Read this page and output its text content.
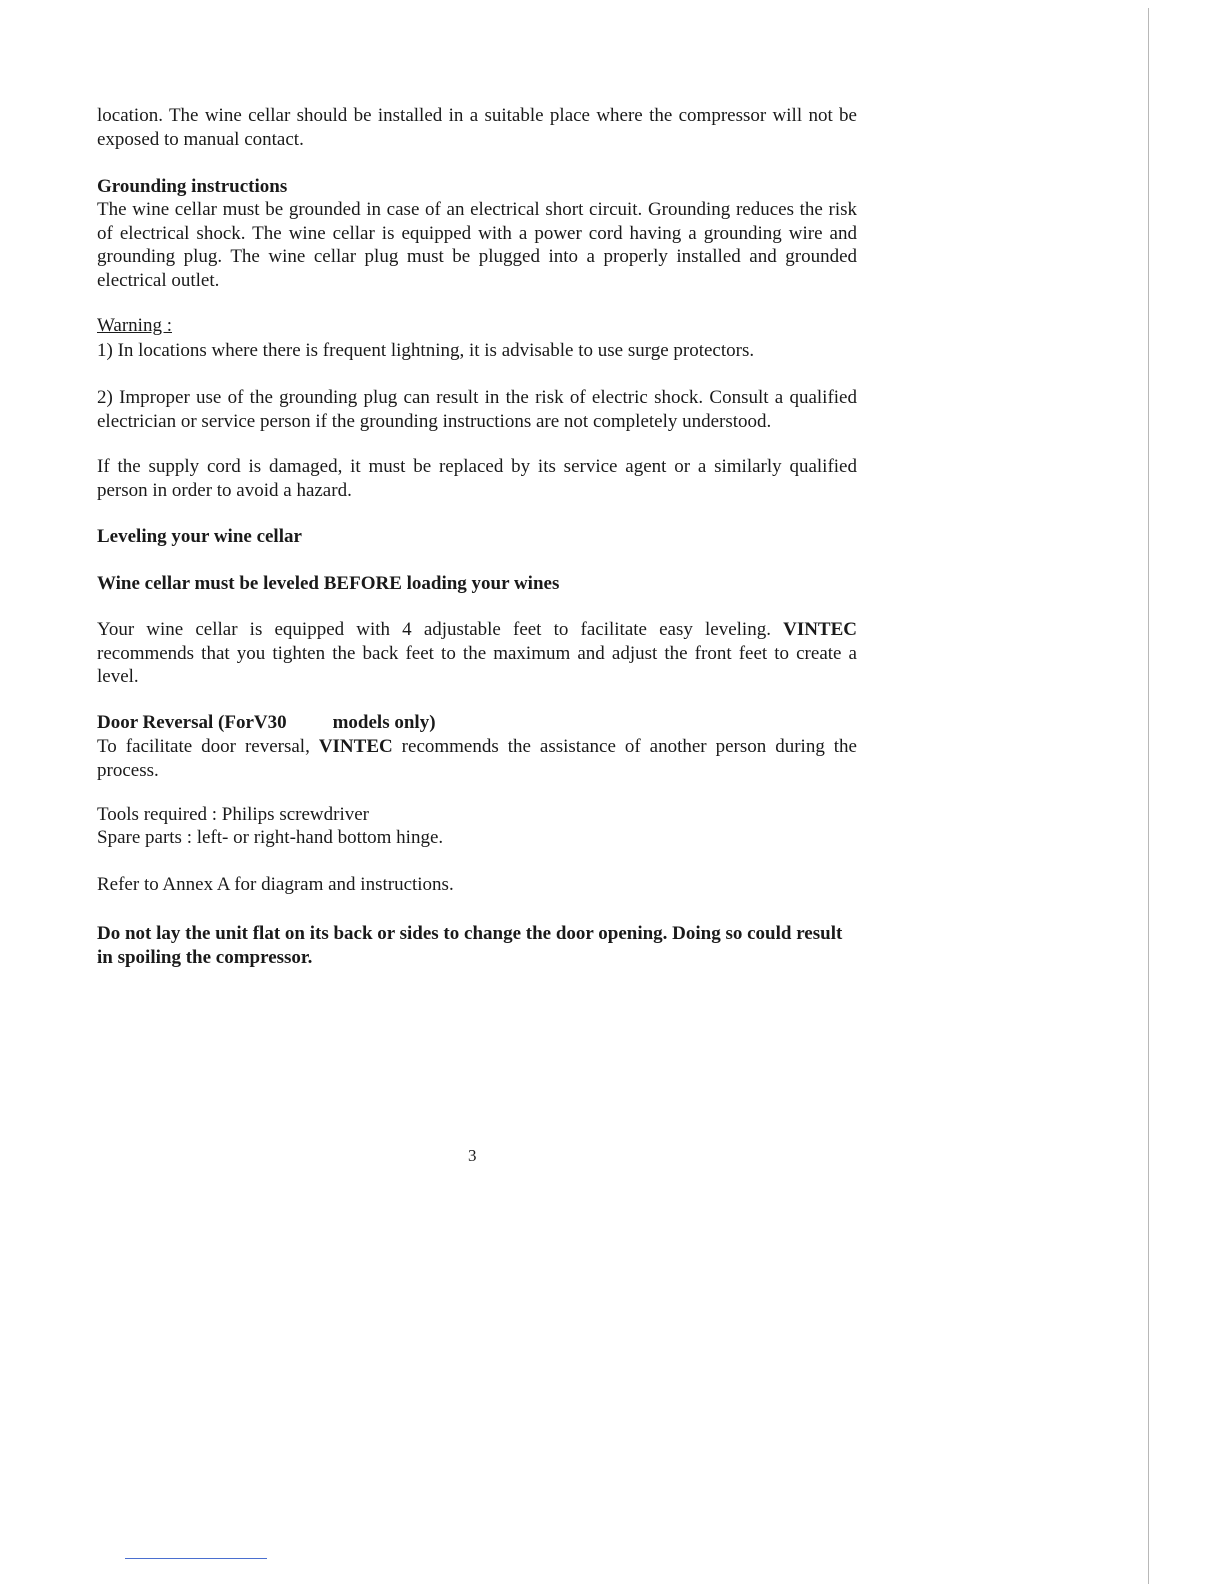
location. The wine cellar should be installed in a suitable place where the compressor will not be exposed to manual contact.

Grounding instructions

The wine cellar must be grounded in case of an electrical short circuit. Grounding reduces the risk of electrical shock. The wine cellar is equipped with a power cord having a grounding wire and grounding plug. The wine cellar plug must be plugged into a properly installed and grounded electrical outlet.

Warning :

1) In locations where there is frequent lightning, it is advisable to use surge protectors.

2) Improper use of the grounding plug can result in the risk of electric shock. Consult a qualified electrician or service person if the grounding instructions are not completely understood.

If the supply cord is damaged, it must be replaced by its service agent or a similarly qualified person in order to avoid a hazard.

Leveling your wine cellar

Wine cellar must be leveled BEFORE loading your wines

Your wine cellar is equipped with 4 adjustable feet to facilitate easy leveling. VINTEC recommends that you tighten the back feet to the maximum and adjust the front feet to create a level.

Door Reversal (ForV30 models only)

To facilitate door reversal, VINTEC recommends the assistance of another person during the process.

Tools required : Philips screwdriver

Spare parts : left- or right-hand bottom hinge.

Refer to Annex A for diagram and instructions.

Do not lay the unit flat on its back or sides to change the door opening. Doing so could result in spoiling the compressor.

3
